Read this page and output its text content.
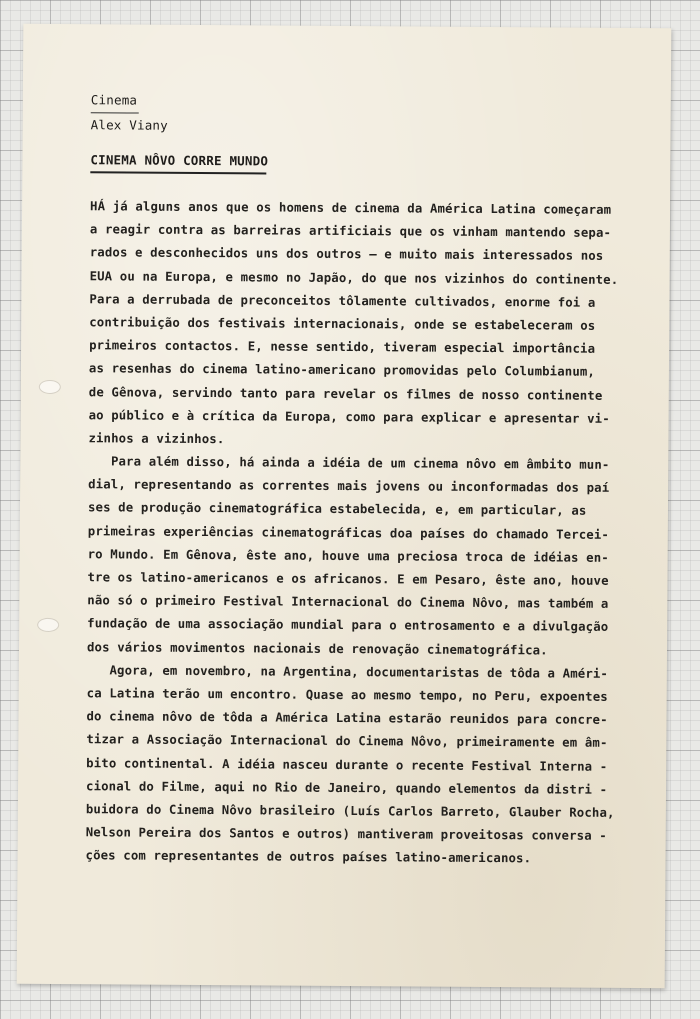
Cinema
Alex Viany
CINEMA NÔVO CORRE MUNDO
HÁ já alguns anos que os homens de cinema da América Latina começaram
a reagir contra as barreiras artificiais que os vinham mantendo sepa-
rados e desconhecidos uns dos outros — e muito mais interessados nos
EUA ou na Europa, e mesmo no Japão, do que nos vizinhos do continente.
Para a derrubada de preconceitos tôlamente cultivados, enorme foi a
contribuição dos festivais internacionais, onde se estabeleceram os
primeiros contactos. E, nesse sentido, tiveram especial importância
as resenhas do cinema latino-americano promovidas pelo Columbianum,
de Gênova, servindo tanto para revelar os filmes de nosso continente
ao público e à crítica da Europa, como para explicar e apresentar vi-
zinhos a vizinhos.
Para além disso, há ainda a idéia de um cinema nôvo em âmbito mun-
dial, representando as correntes mais jovens ou inconformadas dos paí
ses de produção cinematográfica estabelecida, e, em particular, as
primeiras experiências cinematográficas doa países do chamado Tercei-
ro Mundo. Em Gênova, êste ano, houve uma preciosa troca de idéias en-
tre os latino-americanos e os africanos. E em Pesaro, êste ano, houve
não só o primeiro Festival Internacional do Cinema Nôvo, mas também a
fundação de uma associação mundial para o entrosamento e a divulgação
dos vários movimentos nacionais de renovação cinematográfica.
Agora, em novembro, na Argentina, documentaristas de tôda a Améri-
ca Latina terão um encontro. Quase ao mesmo tempo, no Peru, expoentes
do cinema nôvo de tôda a América Latina estarão reunidos para concre-
tizar a Associação Internacional do Cinema Nôvo, primeiramente em âm-
bito continental. A idéia nasceu durante o recente Festival Interna -
cional do Filme, aqui no Rio de Janeiro, quando elementos da distri -
buidora do Cinema Nôvo brasileiro (Luís Carlos Barreto, Glauber Rocha,
Nelson Pereira dos Santos e outros) mantiveram proveitosas conversa -
ções com representantes de outros países latino-americanos.
